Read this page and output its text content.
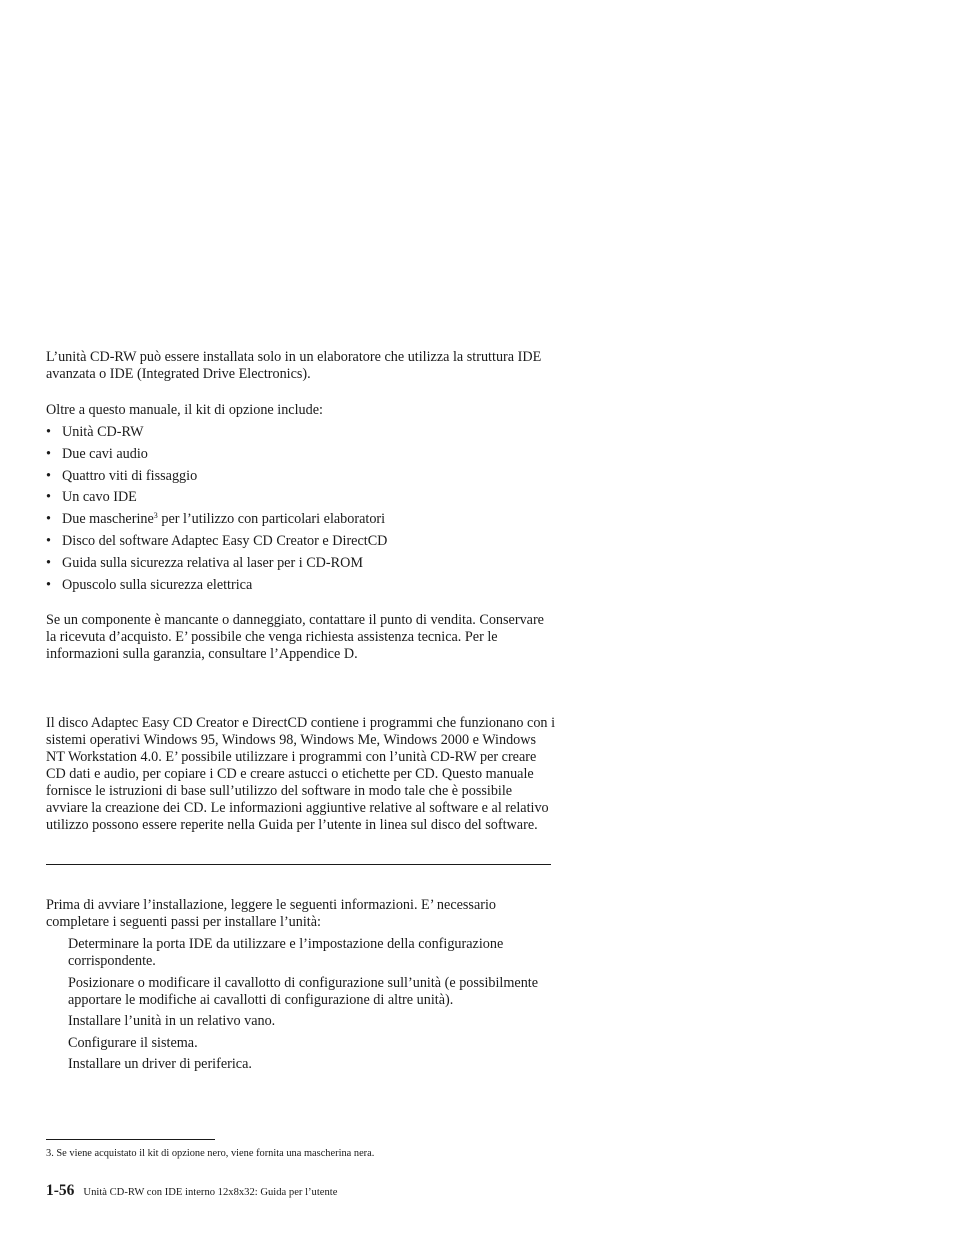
L’unità CD-RW può essere installata solo in un elaboratore che utilizza la struttura IDE avanzata o IDE (Integrated Drive Electronics).

Oltre a questo manuale, il kit di opzione include:

• Unità CD-RW
• Due cavi audio
• Quattro viti di fissaggio
• Un cavo IDE
• Due mascherine$^3$ per l’utilizzo con particolari elaboratori
• Disco del software Adaptec Easy CD Creator e DirectCD
• Guida sulla sicurezza relativa al laser per i CD-ROM
• Opuscolo sulla sicurezza elettrica

Se un componente è mancante o danneggiato, contattare il punto di vendita. Conservare la ricevuta d’acquisto. E’ possibile che venga richiesta assistenza tecnica. Per le informazioni sulla garanzia, consultare l’Appendice D.

Il disco Adaptec Easy CD Creator e DirectCD contiene i programmi che funzionano con i sistemi operativi Windows 95, Windows 98, Windows Me, Windows 2000 e Windows NT Workstation 4.0. E’ possibile utilizzare i programmi con l’unità CD-RW per creare CD dati e audio, per copiare i CD e creare astucci o etichette per CD. Questo manuale fornisce le istruzioni di base sull’utilizzo del software in modo tale che è possibile avviare la creazione dei CD. Le informazioni aggiuntive relative al software e al relativo utilizzo possono essere reperite nella Guida per l’utente in linea sul disco del software.

Prima di avviare l’installazione, leggere le seguenti informazioni. E’ necessario completare i seguenti passi per installare l’unità:

Determinare la porta IDE da utilizzare e l’impostazione della configurazione corrispondente.
Posizionare o modificare il cavallotto di configurazione sull’unità (e possibilmente apportare le modifiche ai cavallotti di configurazione di altre unità).
Installare l’unità in un relativo vano.
Configurare il sistema.
Installare un driver di periferica.
3. Se viene acquistato il kit di opzione nero, viene fornita una mascherina nera.
1-56 Unità CD-RW con IDE interno 12x8x32: Guida per l’utente
